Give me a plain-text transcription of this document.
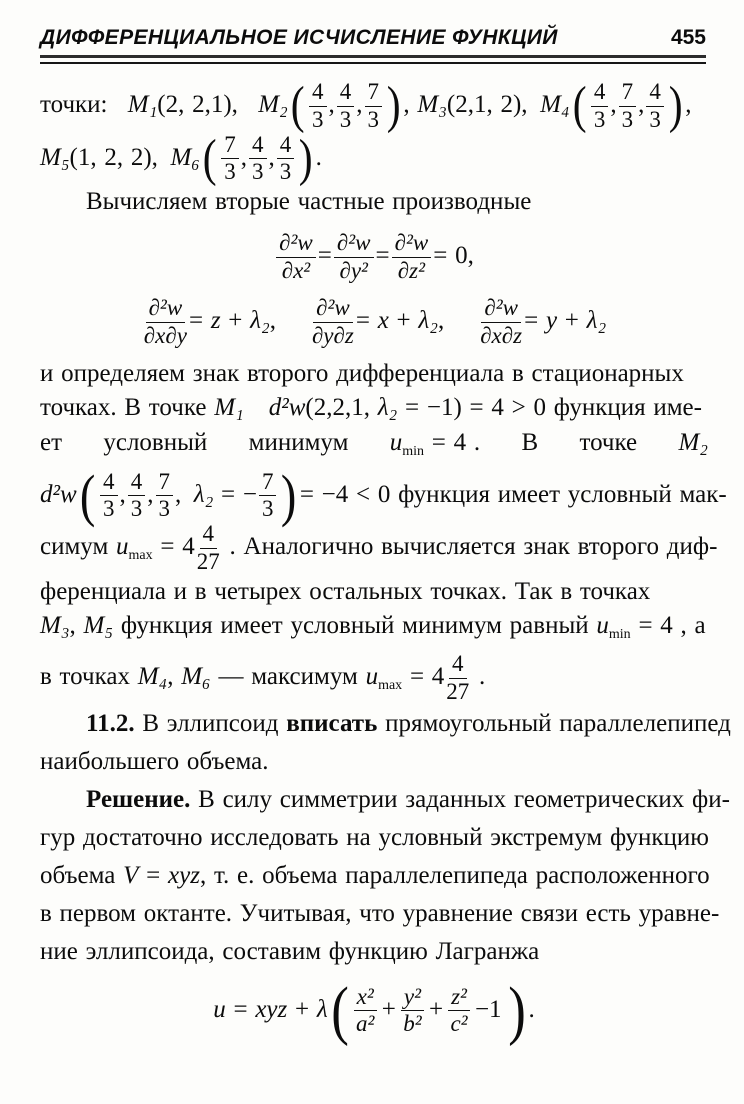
ДИФФЕРЕНЦИАЛЬНОЕ ИСЧИСЛЕНИЕ ФУНКЦИЙ	455
точки:  M₁(2, 2,1),  $M_2( \frac{4}{3}$ , $\frac{4}{3}$ , $\frac{7}{3}$ ) , M₃(2,1, 2), $M_4( \frac{4}{3}$ , $\frac{7}{3}$ , $\frac{4}{3}$ ) ,
M₅(1, 2, 2), $M_6( \frac{7}{3}$ , $\frac{4}{3}$ , $\frac{4}{3}$ ) .
Вычисляем вторые частные производные
$\frac{\text{∂²w}}{\text{∂x²}} = \frac{\text{∂²w}}{\text{∂y²}} = \frac{\text{∂²w}}{\text{∂z²}} = 0$,
$\frac{\text{∂²w}}{\partial x\partial y} = z + \lambda_2$, $\frac{\text{∂²w}}{\partial y\partial z} = x + \lambda_2$, $\frac{\text{∂²w}}{\partial x\partial z} = y + \lambda_2$
и определяем знак второго дифференциала в стационарных
точках. В точке M₁  d²w(2,2,1, λ₂ = −1) = 4 > 0 функция име-
ет условный минимум $u_{min} = 4$ . В точке M₂
$d^2w( \frac{4}{3}$ , $\frac{4}{3}$ , $\frac{7}{3}$ , λ₂ = − $\frac{7}{3}$ ) = −4 < 0 функция имеет условный мак-
симум $u_{max} = 4 \frac{4}{27}$ . Аналогично вычисляется знак второго диф-
ференциала и в четырех остальных точках. Так в точках
M₃, M₅ функция имеет условный минимум равный $u_{min} = 4$ , а
в точках M₄, M₆ — максимум $u_{max} = 4 \frac{4}{27}$ .
11.2. В эллипсоид вписать прямоугольный параллелепипед
наибольшего объема.
Решение. В силу симметрии заданных геометрических фи-
гур достаточно исследовать на условный экстремум функцию
объема V = xyz, т. е. объема параллелепипеда расположенного
в первом октанте. Учитывая, что уравнение связи есть уравне-
ние эллипсоида, составим функцию Лагранжа
u = xyz + $\lambda( \frac{\text{x²}}{\text{a²}} + \frac{\text{y²}}{\text{b²}} + \frac{\text{z²}}{\text{c²}} -1)$ .
